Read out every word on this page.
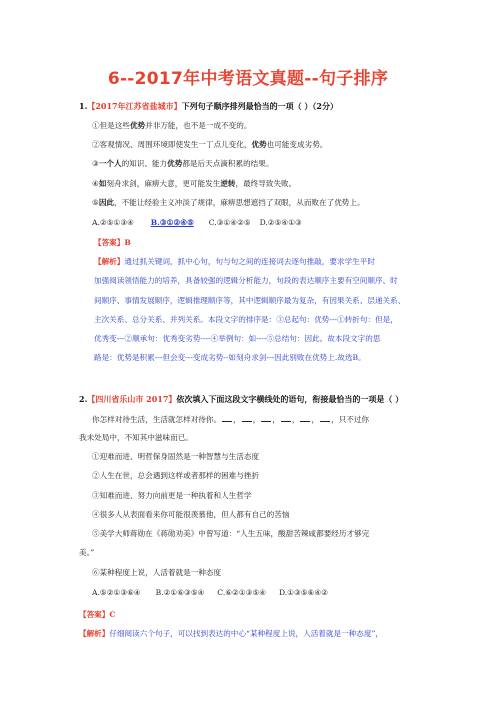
6--2017年中考语文真题--句子排序
1.【2017年江苏省盐城市】下列句子顺序排列最恰当的一项（ ）（2分）
①但是这些优势并非万能，也不是一成不变的。
②客观情况、周围环境即使发生一丁点儿变化，优势也可能变成劣势。
③一个人的知识、能力优势都是后天点滴积累的结果。
④如刻舟求剑，麻痹大意，更可能发生逆转，最终导致失败。
⑤因此，不能让经验主义冲淡了规律，麻痹思想遮挡了双眼，从而败在了优势上。
A.②⑤①③④ B.③①②④⑤ C.③①④②⑤ D.②⑤④①③
【答案】B
【解析】通过抓关键词，抓中心句，句与句之间的连接词去逐句推敲，要求学生平时
加强阅读领悟能力的培养，具备较强的逻辑分析能力，句段的表达顺序主要有空间顺序、时
间顺序、事情发展顺序，逻辑推理顺序等，其中逻辑顺序最为复杂，有因果关系、层递关系、
主次关系、总分关系、并列关系。本段文字的排序是：③总起句：优势---①转折句：但是，
优秀变---②顺承句：优秀变劣势----④举例句：如----⑤总结句：因此。故本段文字的思
路是：优势是积累---但会变---变成劣势--如刻舟求剑---因此别败在优势上.故选B。
2.【四川省乐山市 2017】依次填入下面这段文字横线处的语句，衔接最恰当的一项是（ ）
你怎样对待生活，生活就怎样对待你。 ， ， ， ， ， ，只不过你
我未处局中，不知其中滋味而已。
①迎难而进、明哲保身固然是一种智慧与生活态度
②人生在世，总会遇到这样或者那样的困难与挫折
③知难而进、努力向前更是一种执着和人生哲学
④很多人从表面看来你可能很羡慕他，但人都有自己的苦恼
⑤美学大师蒋勋在《蒋勋劝美》中曾写道：“人生五味，酸甜苦辣咸都要经历才够完
美。”
⑥某种程度上说，人活着就是一种态度
A.⑤②①③⑥④ B.②①⑥③⑤④ C.⑥②①③⑤④ D.①③⑤⑥④②
【答案】C
【解析】仔细阅读六个句子，可以找到表达的中心“某种程度上说，人活着就是一种态度”，
